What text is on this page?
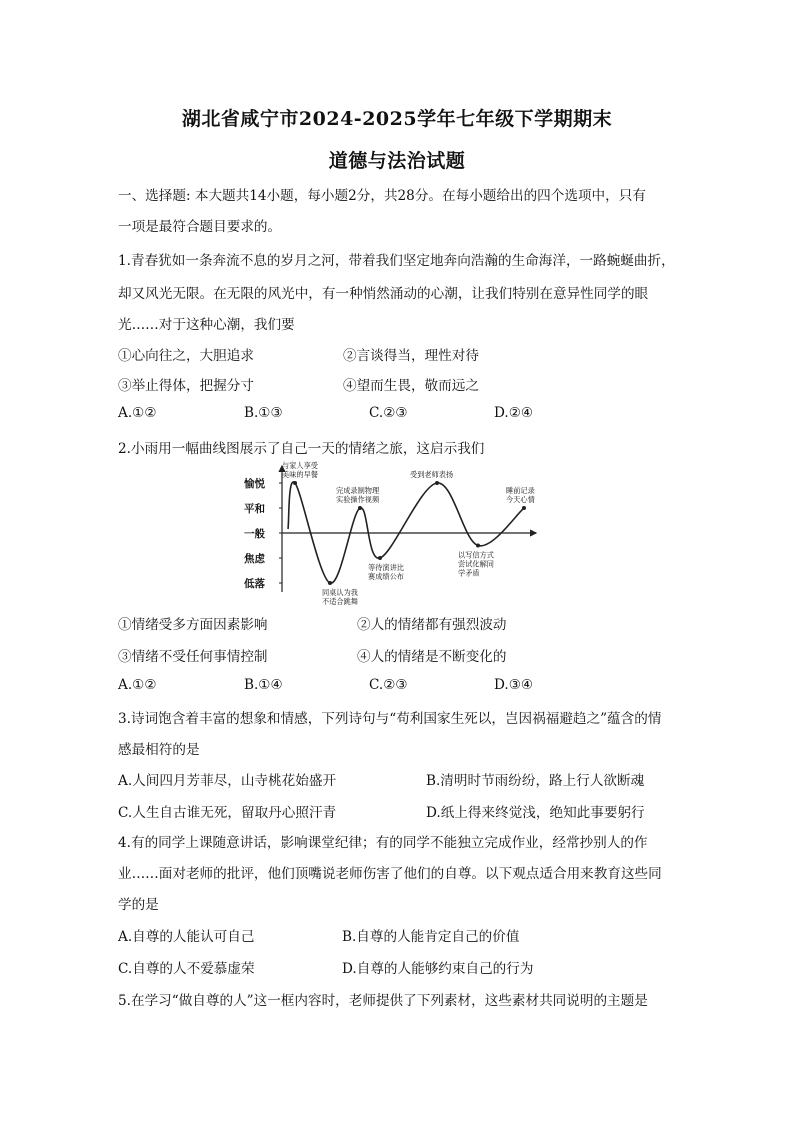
湖北省咸宁市2024-2025学年七年级下学期期末
道德与法治试题
一、选择题: 本大题共14小题，每小题2分，共28分。在每小题给出的四个选项中，只有
一项是最符合题目要求的。
1.青春犹如一条奔流不息的岁月之河，带着我们坚定地奔向浩瀚的生命海洋，一路蜿蜒曲折，
却又风光无限。在无限的风光中，有一种悄然涌动的心潮，让我们特别在意异性同学的眼
光……对于这种心潮，我们要
①心向往之，大胆追求	②言谈得当，理性对待
③举止得体，把握分寸	④望而生畏，敬而远之
A.①②	B.①③	C.②③	D.②④
2.小雨用一幅曲线图展示了自己一天的情绪之旅，这启示我们
愉悦
平和
一般
焦虑
低落
与家人享受
美味的早餐
同桌认为我
不适合跳舞
完成录制物理
实验操作视频
等待演讲比
赛成绩公布
受到老师表扬
以写信方式
尝试化解同
学矛盾
睡前记录
今天心情
①情绪受多方面因素影响	②人的情绪都有强烈波动
③情绪不受任何事情控制	④人的情绪是不断变化的
A.①②	B.①④	C.②③	D.③④
3.诗词饱含着丰富的想象和情感，下列诗句与“苟利国家生死以，岂因祸福避趋之”蕴含的情
感最相符的是
A.人间四月芳菲尽，山寺桃花始盛开	B.清明时节雨纷纷，路上行人欲断魂
C.人生自古谁无死，留取丹心照汗青	D.纸上得来终觉浅，绝知此事要躬行
4.有的同学上课随意讲话，影响课堂纪律；有的同学不能独立完成作业，经常抄别人的作
业……面对老师的批评，他们顶嘴说老师伤害了他们的自尊。以下观点适合用来教育这些同
学的是
A.自尊的人能认可自己	B.自尊的人能肯定自己的价值
C.自尊的人不爱慕虚荣	D.自尊的人能够约束自己的行为
5.在学习“做自尊的人”这一框内容时，老师提供了下列素材，这些素材共同说明的主题是
